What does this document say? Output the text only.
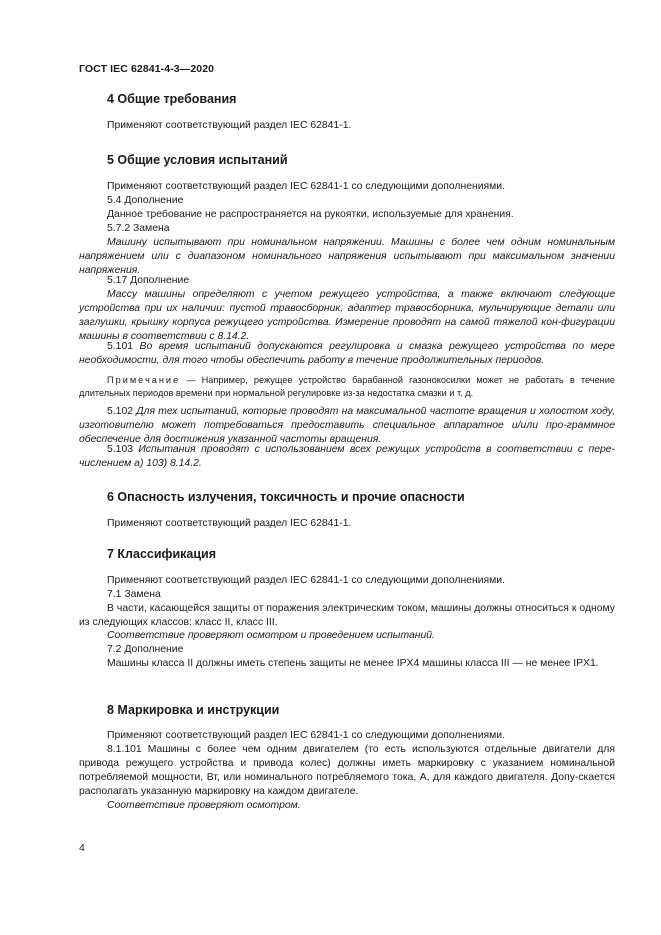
ГОСТ IEC 62841-4-3—2020
4 Общие требования

Применяют соответствующий раздел IEC 62841-1.

5 Общие условия испытаний

Применяют соответствующий раздел IEC 62841-1 со следующими дополнениями.

5.4 Дополнение

Данное требование не распространяется на рукоятки, используемые для хранения.

5.7.2 Замена

Машину испытывают при номинальном напряжении. Машины с более чем одним номинальным напряжением или с диапазоном номинального напряжения испытывают при максимальном значении напряжения.

5.17 Дополнение

Массу машины определяют с учетом режущего устройства, а также включают следующие устройства при их наличии: пустой травосборник, адаптер травосборника, мульчирующие детали или заглушки, крышку корпуса режущего устройства. Измерение проводят на самой тяжелой кон-фигурации машины в соответствии с 8.14.2.

5.101 Во время испытаний допускаются регулировка и смазка режущего устройства по мере необходимости, для того чтобы обеспечить работу в течение продолжительных периодов.

Примечание — Например, режущее устройство барабанной газонокосилки может не работать в течение длительных периодов времени при нормальной регулировке из-за недостатка смазки и т. д.

5.102 Для тех испытаний, которые проводят на максимальной частоте вращения и холостом ходу, изготовителю может потребоваться предоставить специальное аппаратное и/или про-граммное обеспечение для достижения указанной частоты вращения.

5.103 Испытания проводят с использованием всех режущих устройств в соответствии с пере-числением a) 103) 8.14.2.

6 Опасность излучения, токсичность и прочие опасности

Применяют соответствующий раздел IEC 62841-1.

7 Классификация

Применяют соответствующий раздел IEC 62841-1 со следующими дополнениями.

7.1 Замена

В части, касающейся защиты от поражения электрическим током, машины должны относиться к одному из следующих классов: класс II, класс III.

Соответствие проверяют осмотром и проведением испытаний.

7.2 Дополнение

Машины класса II должны иметь степень защиты не менее IPX4 машины класса III — не менее IPX1.

8 Маркировка и инструкции

Применяют соответствующий раздел IEC 62841-1 со следующими дополнениями.

8.1.101 Машины с более чем одним двигателем (то есть используются отдельные двигатели для привода режущего устройства и привода колес) должны иметь маркировку с указанием номинальной потребляемой мощности, Вт, или номинального потребляемого тока, А, для каждого двигателя. Допу-скается располагать указанную маркировку на каждом двигателе.

Соответствие проверяют осмотром.

4
